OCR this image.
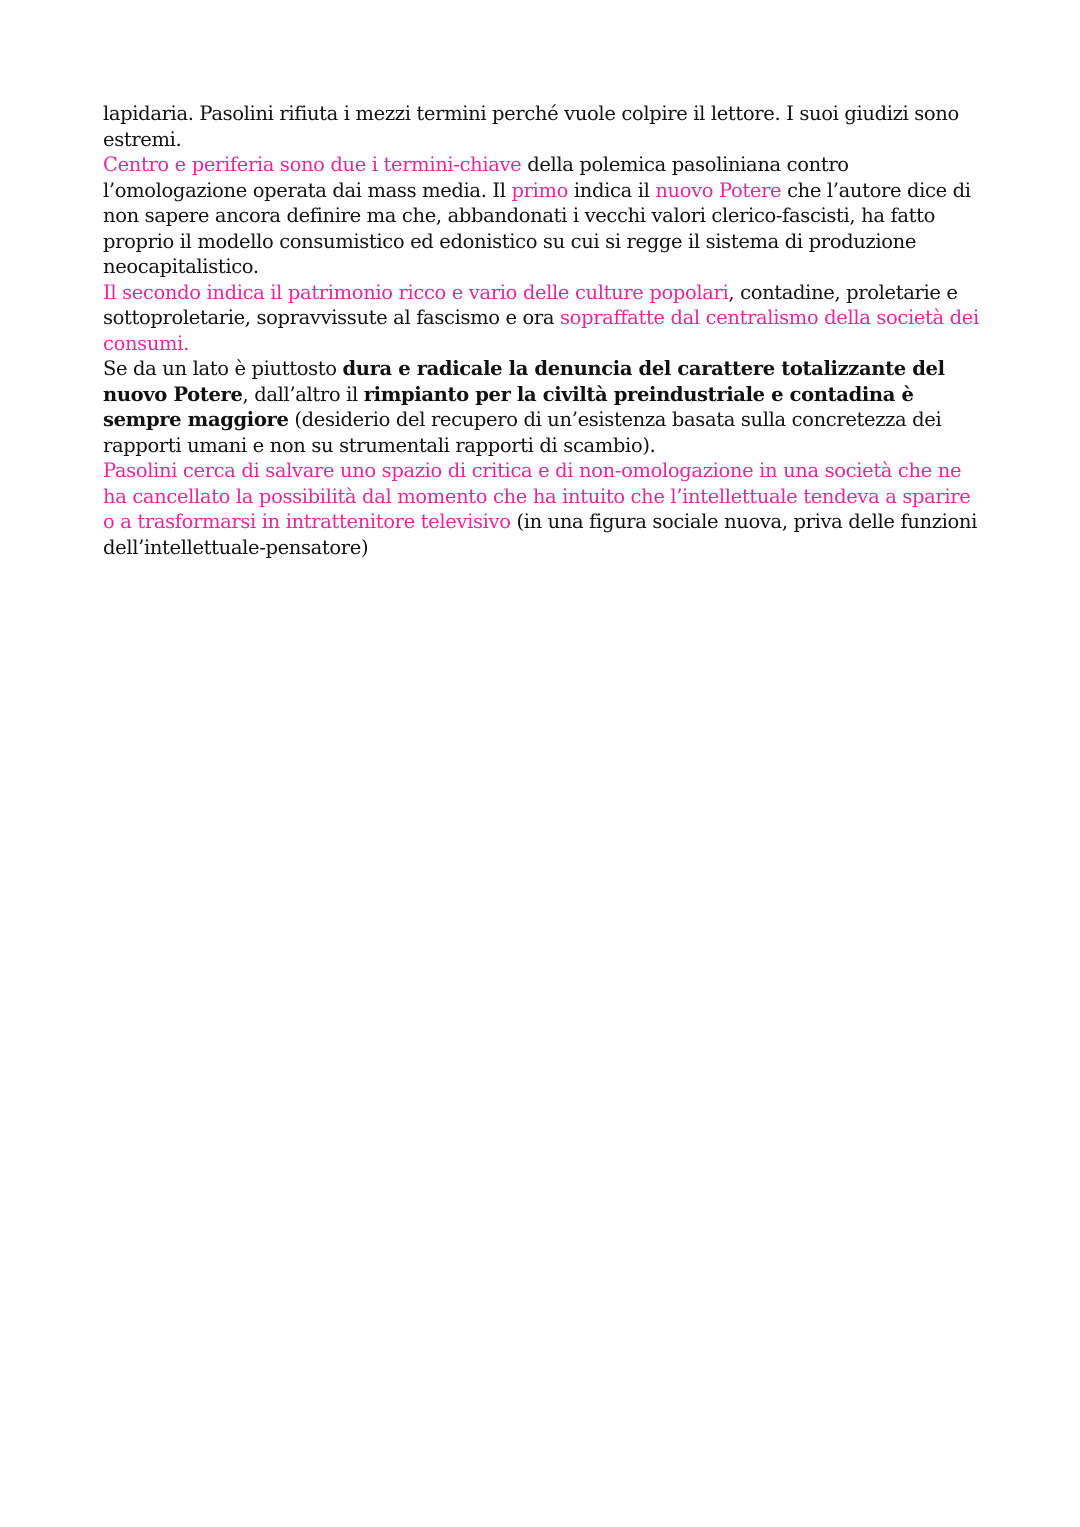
lapidaria. Pasolini rifiuta i mezzi termini perché vuole colpire il lettore. I suoi giudizi sono estremi.

Centro e periferia sono due i termini-chiave della polemica pasoliniana contro l’omologazione operata dai mass media. Il primo indica il nuovo Potere che l’autore dice di non sapere ancora definire ma che, abbandonati i vecchi valori clerico-fascisti, ha fatto proprio il modello consumistico ed edonistico su cui si regge il sistema di produzione neocapitalistico.

Il secondo indica il patrimonio ricco e vario delle culture popolari, contadine, proletarie e sottoproletarie, sopravvissute al fascismo e ora sopraffatte dal centralismo della società dei consumi.

Se da un lato è piuttosto dura e radicale la denuncia del carattere totalizzante del nuovo Potere, dall’altro il rimpianto per la civiltà preindustriale e contadina è sempre maggiore (desiderio del recupero di un’esistenza basata sulla concretezza dei rapporti umani e non su strumentali rapporti di scambio).

Pasolini cerca di salvare uno spazio di critica e di non-omologazione in una società che ne ha cancellato la possibilità dal momento che ha intuito che l’intellettuale tendeva a sparire o a trasformarsi in intrattenitore televisivo (in una figura sociale nuova, priva delle funzioni dell’intellettuale-pensatore)
